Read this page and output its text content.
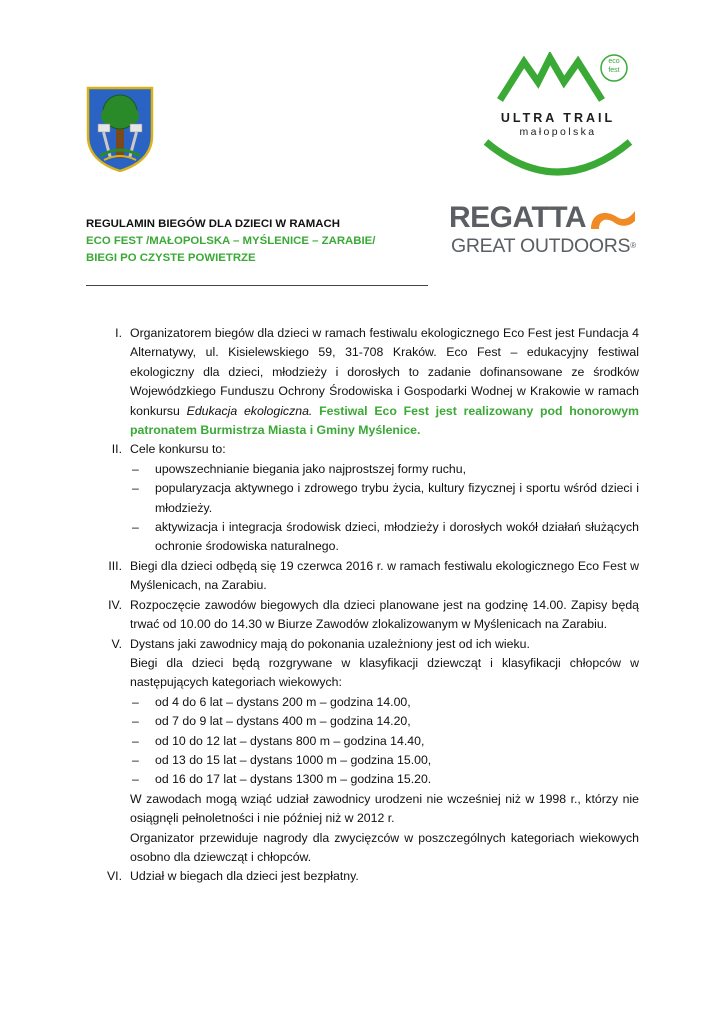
eco
fest
ULTRA TRAIL
małopolska
REGATTA
GREAT OUTDOORS®
REGULAMIN BIEGÓW DLA DZIECI W RAMACH
ECO FEST /MAŁOPOLSKA – MYŚLENICE – ZARABIE/
BIEGI PO CZYSTE POWIETRZE
I. Organizatorem biegów dla dzieci w ramach festiwalu ekologicznego Eco Fest jest Fundacja 4 Alternatywy, ul. Kisielewskiego 59, 31-708 Kraków. Eco Fest – edukacyjny festiwal ekologiczny dla dzieci, młodzieży i dorosłych to zadanie dofinansowane ze środków Wojewódzkiego Funduszu Ochrony Środowiska i Gospodarki Wodnej w Krakowie w ramach konkursu Edukacja ekologiczna. Festiwal Eco Fest jest realizowany pod honorowym patronatem Burmistrza Miasta i Gminy Myślenice.

II. Cele konkursu to:

– upowszechnianie biegania jako najprostszej formy ruchu,

– popularyzacja aktywnego i zdrowego trybu życia, kultury fizycznej i sportu wśród dzieci i młodzieży.

– aktywizacja i integracja środowisk dzieci, młodzieży i dorosłych wokół działań służących ochronie środowiska naturalnego.

III. Biegi dla dzieci odbędą się 19 czerwca 2016 r. w ramach festiwalu ekologicznego Eco Fest w Myślenicach, na Zarabiu.

IV. Rozpoczęcie zawodów biegowych dla dzieci planowane jest na godzinę 14.00. Zapisy będą trwać od 10.00 do 14.30 w Biurze Zawodów zlokalizowanym w Myślenicach na Zarabiu.

V. Dystans jaki zawodnicy mają do pokonania uzależniony jest od ich wieku.

Biegi dla dzieci będą rozgrywane w klasyfikacji dziewcząt i klasyfikacji chłopców w następujących kategoriach wiekowych:

– od 4 do 6 lat – dystans 200 m – godzina 14.00,

– od 7 do 9 lat – dystans 400 m – godzina 14.20,

– od 10 do 12 lat – dystans 800 m – godzina 14.40,

– od 13 do 15 lat – dystans 1000 m – godzina 15.00,

– od 16 do 17 lat – dystans 1300 m – godzina 15.20.

W zawodach mogą wziąć udział zawodnicy urodzeni nie wcześniej niż w 1998 r., którzy nie osiągnęli pełnoletności i nie później niż w 2012 r.

Organizator przewiduje nagrody dla zwycięzców w poszczególnych kategoriach wiekowych osobno dla dziewcząt i chłopców.

VI. Udział w biegach dla dzieci jest bezpłatny.
